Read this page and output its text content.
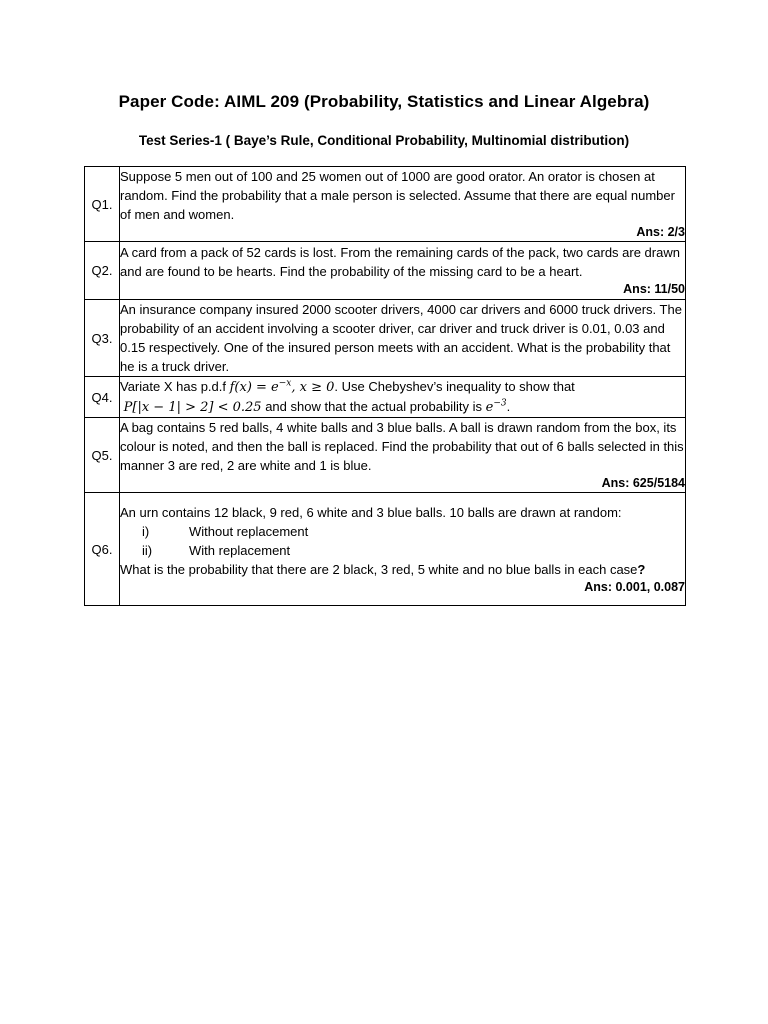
Paper Code: AIML 209 (Probability, Statistics and Linear Algebra)
Test Series-1 ( Baye’s Rule, Conditional Probability, Multinomial distribution)
Q1.	Suppose 5 men out of 100 and 25 women out of 1000 are good orator. An orator is chosen at random. Find the probability that a male person is selected. Assume that there are equal number of men and women.
Ans: 2/3

Q2.	A card from a pack of 52 cards is lost. From the remaining cards of the pack, two cards are drawn and are found to be hearts. Find the probability of the missing card to be a heart.
Ans: 11/50

Q3.	An insurance company insured 2000 scooter drivers, 4000 car drivers and 6000 truck drivers. The probability of an accident involving a scooter driver, car driver and truck driver is 0.01, 0.03 and 0.15 respectively. One of the insured person meets with an accident. What is the probability that he is a truck driver.

Q4.	Variate X has p.d.f $f(x) = e^{-x}$, x ≥ 0. Use Chebyshev’s inequality to show that
P[|x − 1| > 2] < 0.25 and show that the actual probability is $e^{-3}$.

Q5.	A bag contains 5 red balls, 4 white balls and 3 blue balls. A ball is drawn random from the box, its colour is noted, and then the ball is replaced. Find the probability that out of 6 balls selected in this manner 3 are red, 2 are white and 1 is blue.
Ans: 625/5184

Q6.	An urn contains 12 black, 9 red, 6 white and 3 blue balls. 10 balls are drawn at random:
i) Without replacement
ii) With replacement
What is the probability that there are 2 black, 3 red, 5 white and no blue balls in each case?
Ans: 0.001, 0.087
